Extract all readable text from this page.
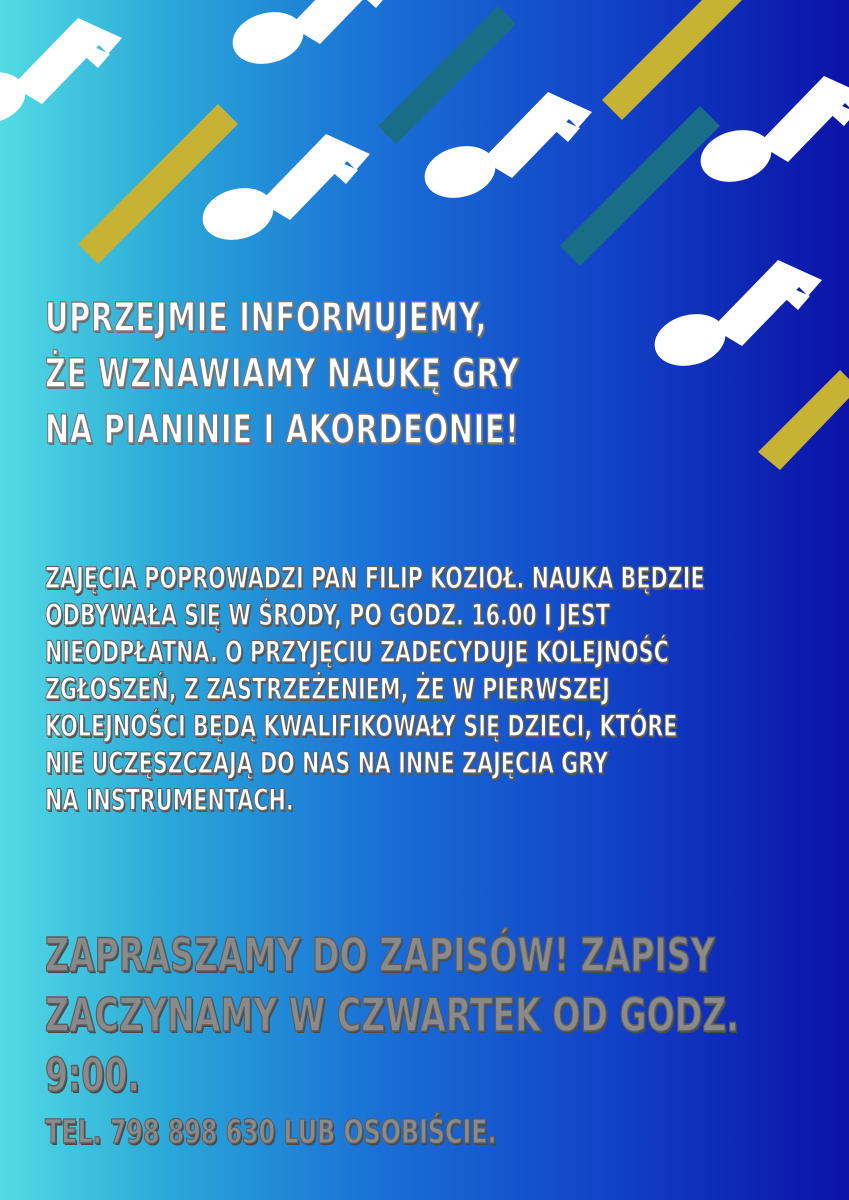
UPRZEJMIE INFORMUJEMY,
ŻE WZNAWIAMY NAUKĘ GRY
NA PIANINIE I AKORDEONIE!
ZAJĘCIA POPROWADZI PAN FILIP KOZIOŁ. NAUKA BĘDZIE
ODBYWAŁA SIĘ W ŚRODY, PO GODZ. 16.00 I JEST
NIEODPŁATNA. O PRZYJĘCIU ZADECYDUJE KOLEJNOŚĆ
ZGŁOSZEŃ, Z ZASTRZEŻENIEM, ŻE W PIERWSZEJ
KOLEJNOŚCI BĘDĄ KWALIFIKOWAŁY SIĘ DZIECI, KTÓRE
NIE UCZĘSZCZAJĄ DO NAS NA INNE ZAJĘCIA GRY
NA INSTRUMENTACH.
ZAPRASZAMY DO ZAPISÓW! ZAPISY
ZACZYNAMY W CZWARTEK OD GODZ.
9:00.
TEL. 798 898 630 LUB OSOBIŚCIE.
